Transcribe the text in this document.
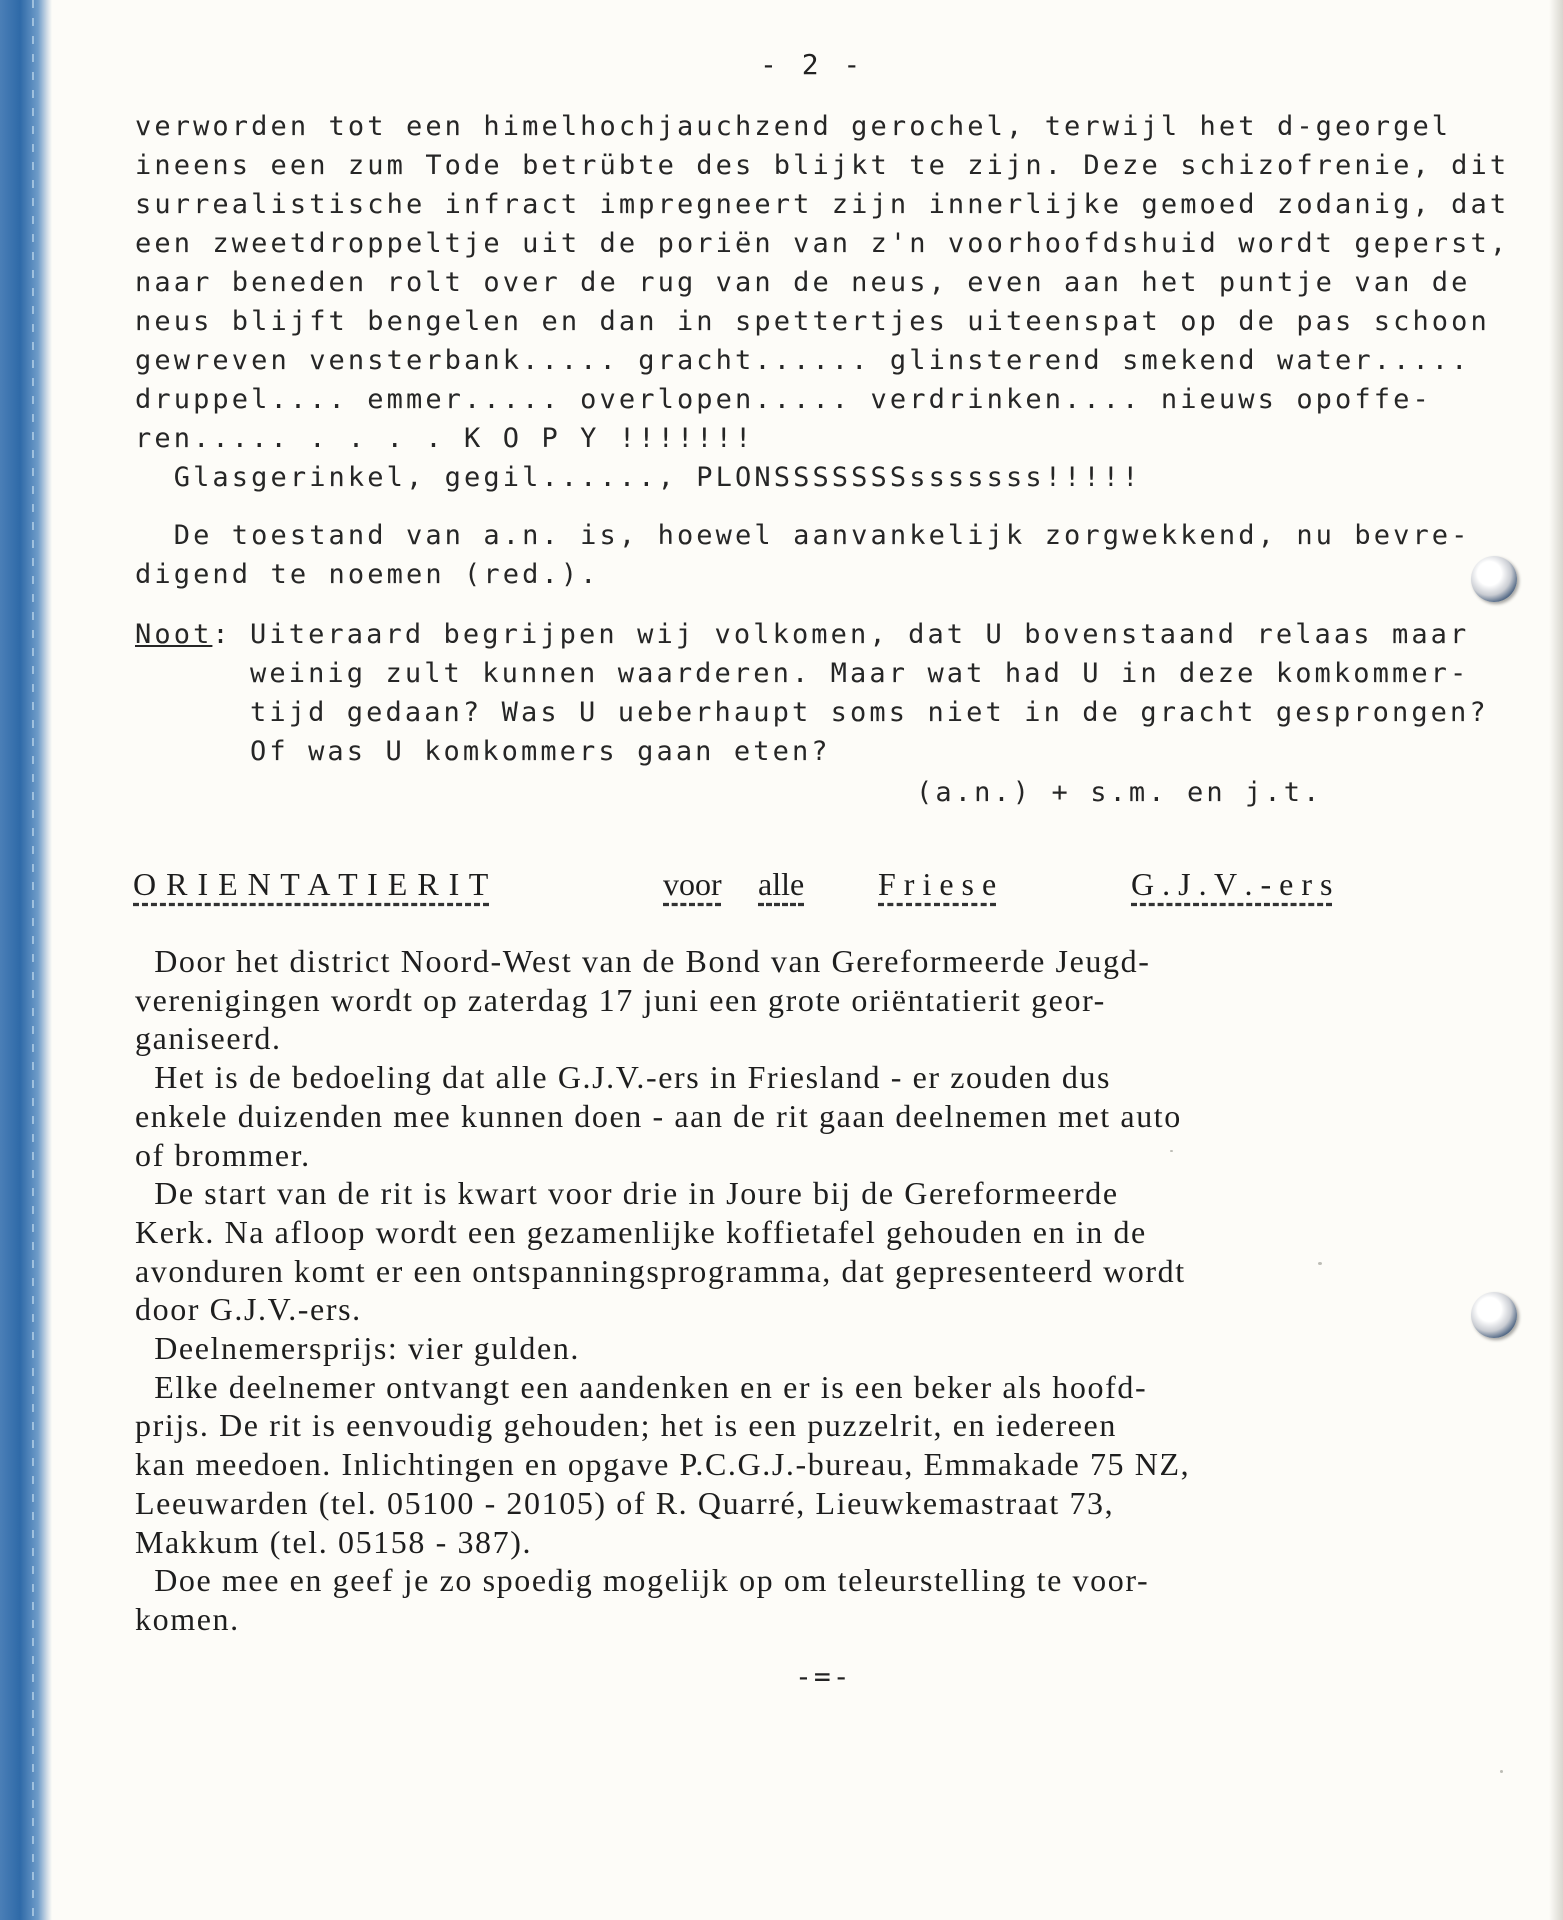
- 2 -

verworden tot een himelhochjauchzend gerochel, terwijl het d-georgel

ineens een zum Tode betrübte des blijkt te zijn. Deze schizofrenie, dit

surrealistische infract impregneert zijn innerlijke gemoed zodanig, dat

een zweetdroppeltje uit de poriën van z'n voorhoofdshuid wordt geperst,

naar beneden rolt over de rug van de neus, even aan het puntje van de

neus blijft bengelen en dan in spettertjes uiteenspat op de pas schoon

gewreven vensterbank..... gracht...... glinsterend smekend water.....

druppel.... emmer..... overlopen..... verdrinken.... nieuws opoffe-

ren..... . . . . K O P Y !!!!!!!

Glasgerinkel, gegil......, PLONSSSSSSSsssssss!!!!!

De toestand van a.n. is, hoewel aanvankelijk zorgwekkend, nu bevre-

digend te noemen (red.).

Noot: Uiteraard begrijpen wij volkomen, dat U bovenstaand relaas maar

weinig zult kunnen waarderen. Maar wat had U in deze komkommer-

tijd gedaan? Was U ueberhaupt soms niet in de gracht gesprongen?

Of was U komkommers gaan eten?

(a.n.) + s.m. en j.t.

O R I E N T A T I E R I T	voor alle F r i e s e	G . J . V . - e r s

Door het district Noord-West van de Bond van Gereformeerde Jeugd-

verenigingen wordt op zaterdag 17 juni een grote oriëntatierit geor-

ganiseerd.

Het is de bedoeling dat alle G.J.V.-ers in Friesland - er zouden dus

enkele duizenden mee kunnen doen - aan de rit gaan deelnemen met auto

of brommer.

De start van de rit is kwart voor drie in Joure bij de Gereformeerde

Kerk. Na afloop wordt een gezamenlijke koffietafel gehouden en in de

avonduren komt er een ontspanningsprogramma, dat gepresenteerd wordt

door G.J.V.-ers.

Deelnemersprijs: vier gulden.

Elke deelnemer ontvangt een aandenken en er is een beker als hoofd-

prijs. De rit is eenvoudig gehouden; het is een puzzelrit, en iedereen

kan meedoen. Inlichtingen en opgave P.C.G.J.-bureau, Emmakade 75 NZ,

Leeuwarden (tel. 05100 - 20105) of R. Quarré, Lieuwkemastraat 73,

Makkum (tel. 05158 - 387).

Doe mee en geef je zo spoedig mogelijk op om teleurstelling te voor-

komen.

-=-
